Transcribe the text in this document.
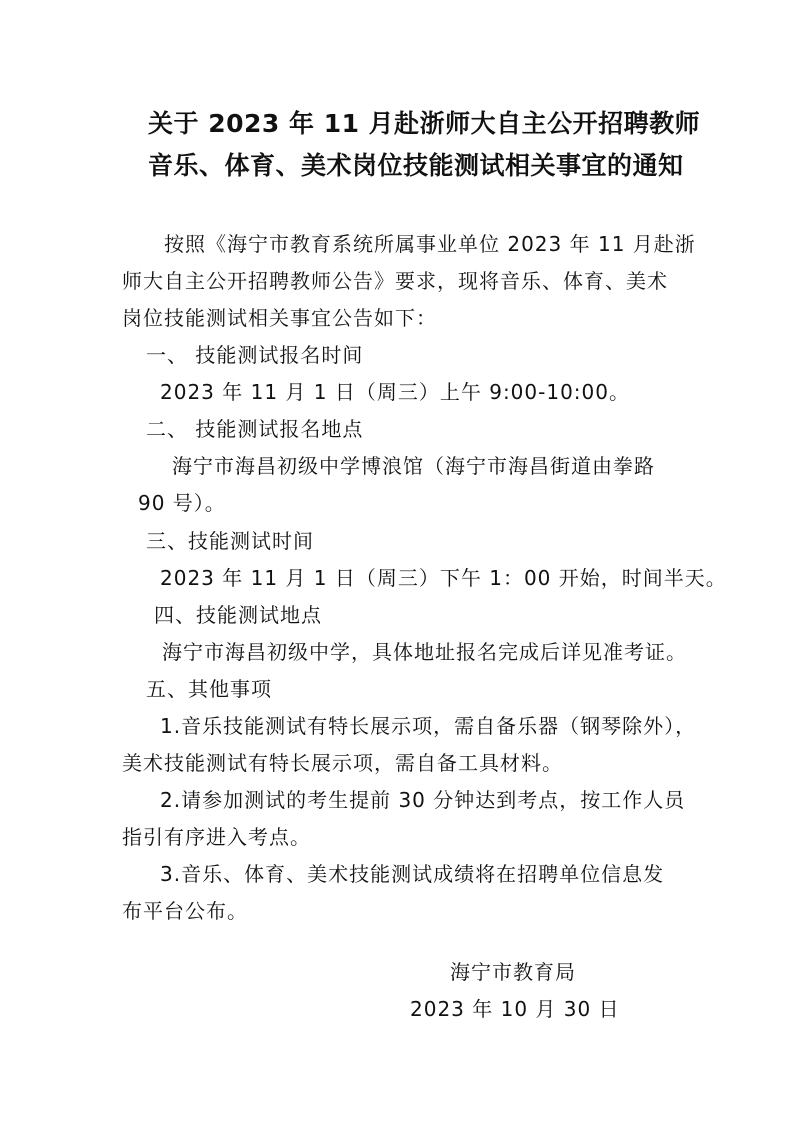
关于 2023 年 11 月赴浙师大自主公开招聘教师
音乐、体育、美术岗位技能测试相关事宜的通知
按照《海宁市教育系统所属事业单位 2023 年 11 月赴浙
师大自主公开招聘教师公告》要求，现将音乐、体育、美术
岗位技能测试相关事宜公告如下：
一、 技能测试报名时间
2023 年 11 月 1 日（周三）上午 9:00-10:00。
二、 技能测试报名地点
海宁市海昌初级中学博浪馆（海宁市海昌街道由拳路
90 号）。
三、技能测试时间
2023 年 11 月 1 日（周三）下午 1：00 开始，时间半天。
四、技能测试地点
海宁市海昌初级中学，具体地址报名完成后详见准考证。
五、其他事项
1.音乐技能测试有特长展示项，需自备乐器（钢琴除外），
美术技能测试有特长展示项，需自备工具材料。
2.请参加测试的考生提前 30 分钟达到考点，按工作人员
指引有序进入考点。
3.音乐、体育、美术技能测试成绩将在招聘单位信息发
布平台公布。
海宁市教育局
2023 年 10 月 30 日
